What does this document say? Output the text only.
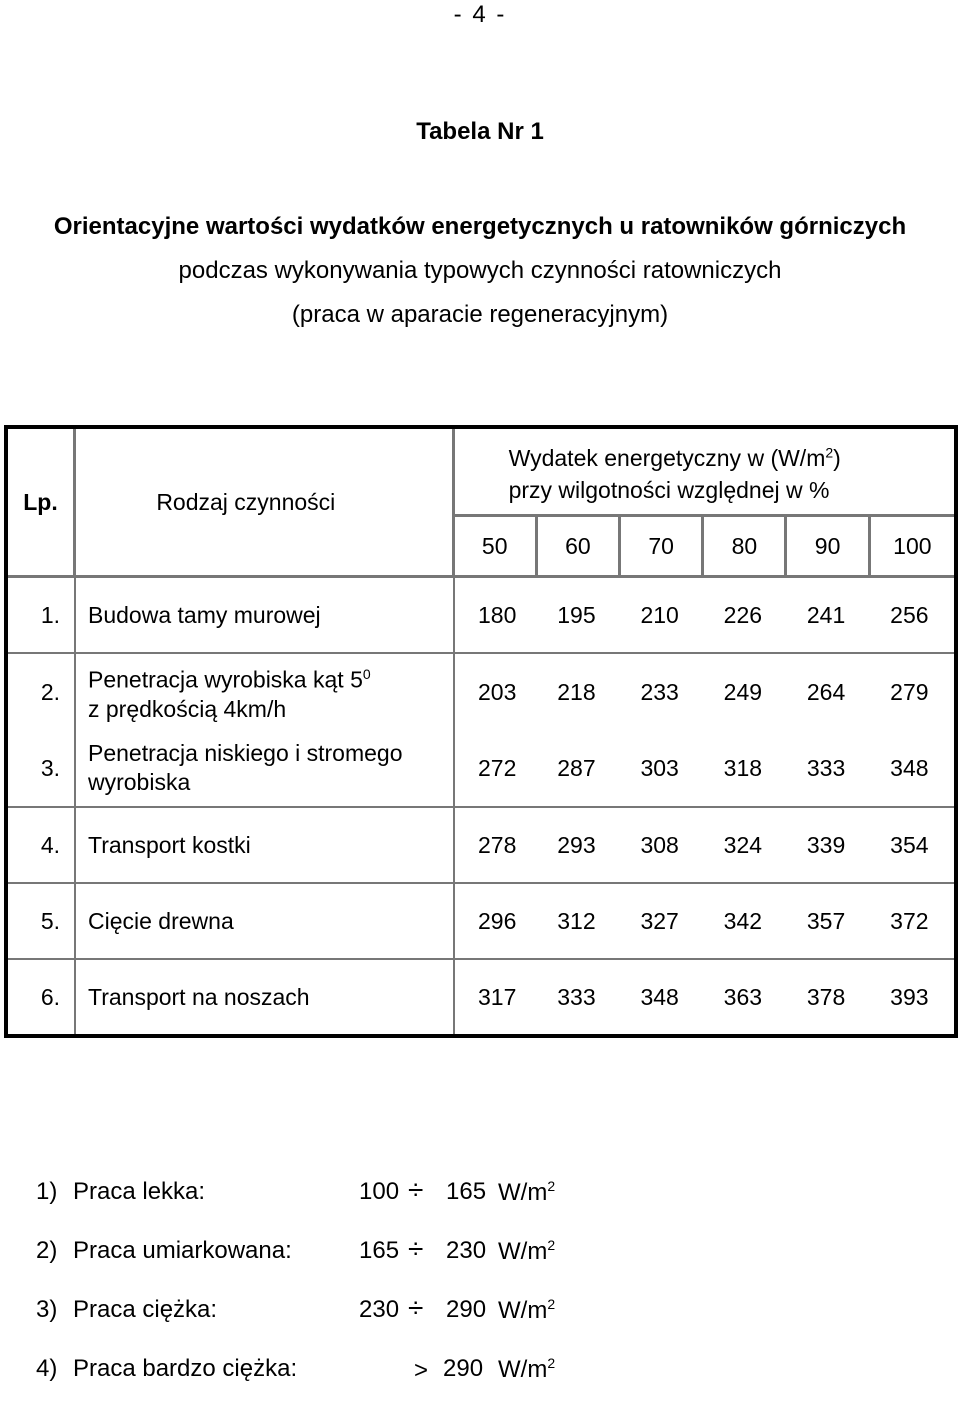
- 4 -
Tabela Nr 1
Orientacyjne wartości wydatków energetycznych u ratowników górniczych
podczas wykonywania typowych czynności ratowniczych
(praca w aparacie regeneracyjnym)
Lp.	Rodzaj czynności	Wydatek energetyczny w $(W/m^2)$
przy wilgotności względnej w %					
		50	60	70	80	90	100
1.	Budowa tamy murowej	180	195	210	226	241	256
2.	Penetracja wyrobiska kąt $5^0$
z prędkością 4km/h	203	218	233	249	264	279
3.	Penetracja niskiego i stromego
wyrobiska	272	287	303	318	333	348
4.	Transport kostki	278	293	308	324	339	354
5.	Cięcie drewna	296	312	327	342	357	372
6.	Transport na noszach	317	333	348	363	378	393
1) Praca lekka:	100 ÷ 165 $W/m^2$
2) Praca umiarkowana:	165 ÷ 230 $W/m^2$
3) Praca ciężka:	230 ÷ 290 $W/m^2$
4) Praca bardzo ciężka:	> 290 $W/m^2$
